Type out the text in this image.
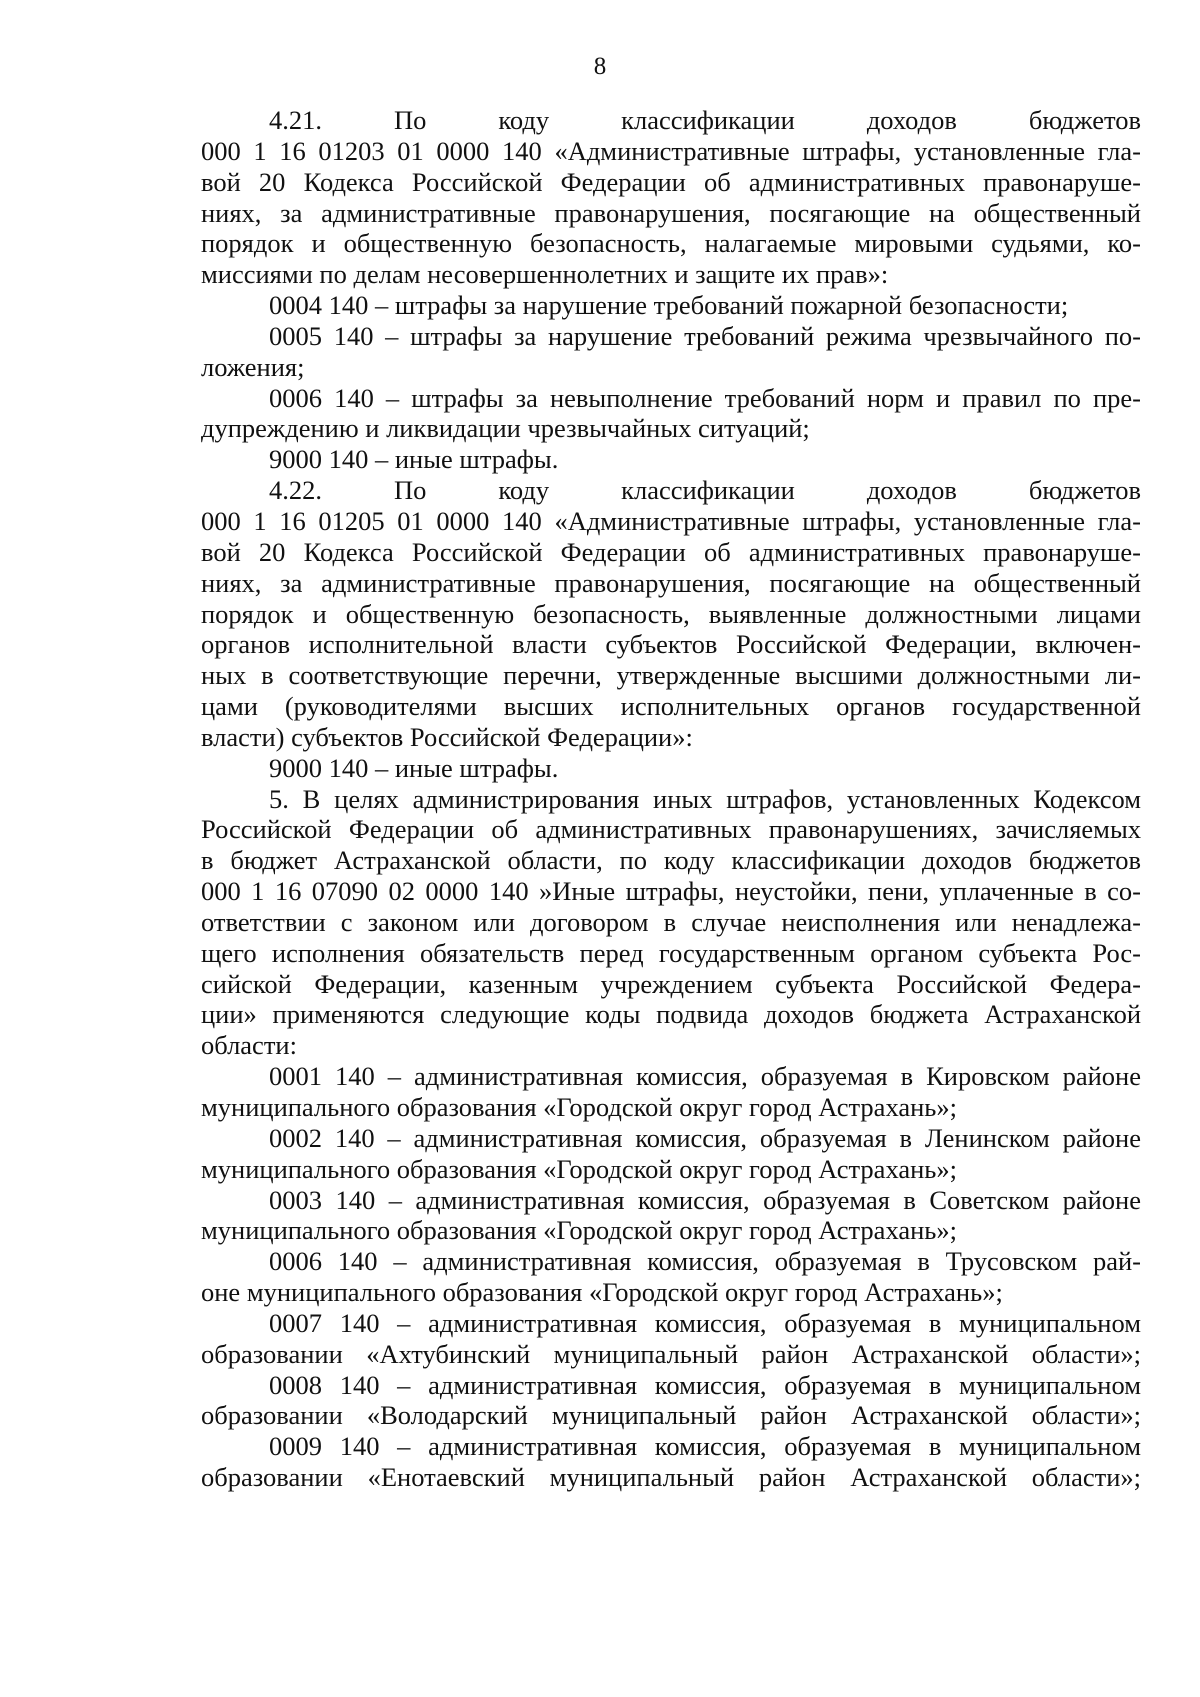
8
4.21. По коду классификации доходов бюджетов
000 1 16 01203 01 0000 140 «Административные штрафы, установленные гла-
вой 20 Кодекса Российской Федерации об административных правонаруше-
ниях, за административные правонарушения, посягающие на общественный
порядок и общественную безопасность, налагаемые мировыми судьями, ко-
миссиями по делам несовершеннолетних и защите их прав»:
0004 140 – штрафы за нарушение требований пожарной безопасности;
0005 140 – штрафы за нарушение требований режима чрезвычайного по-
ложения;
0006 140 – штрафы за невыполнение требований норм и правил по пре-
дупреждению и ликвидации чрезвычайных ситуаций;
9000 140 – иные штрафы.
4.22. По коду классификации доходов бюджетов
000 1 16 01205 01 0000 140 «Административные штрафы, установленные гла-
вой 20 Кодекса Российской Федерации об административных правонаруше-
ниях, за административные правонарушения, посягающие на общественный
порядок и общественную безопасность, выявленные должностными лицами
органов исполнительной власти субъектов Российской Федерации, включен-
ных в соответствующие перечни, утвержденные высшими должностными ли-
цами (руководителями высших исполнительных органов государственной
власти) субъектов Российской Федерации»:
9000 140 – иные штрафы.
5. В целях администрирования иных штрафов, установленных Кодексом
Российской Федерации об административных правонарушениях, зачисляемых
в бюджет Астраханской области, по коду классификации доходов бюджетов
000 1 16 07090 02 0000 140 »Иные штрафы, неустойки, пени, уплаченные в со-
ответствии с законом или договором в случае неисполнения или ненадлежа-
щего исполнения обязательств перед государственным органом субъекта Рос-
сийской Федерации, казенным учреждением субъекта Российской Федера-
ции» применяются следующие коды подвида доходов бюджета Астраханской
области:
0001 140 – административная комиссия, образуемая в Кировском районе
муниципального образования «Городской округ город Астрахань»;
0002 140 – административная комиссия, образуемая в Ленинском районе
муниципального образования «Городской округ город Астрахань»;
0003 140 – административная комиссия, образуемая в Советском районе
муниципального образования «Городской округ город Астрахань»;
0006 140 – административная комиссия, образуемая в Трусовском рай-
оне муниципального образования «Городской округ город Астрахань»;
0007 140 – административная комиссия, образуемая в муниципальном
образовании «Ахтубинский муниципальный район Астраханской области»;
0008 140 – административная комиссия, образуемая в муниципальном
образовании «Володарский муниципальный район Астраханской области»;
0009 140 – административная комиссия, образуемая в муниципальном
образовании «Енотаевский муниципальный район Астраханской области»;
